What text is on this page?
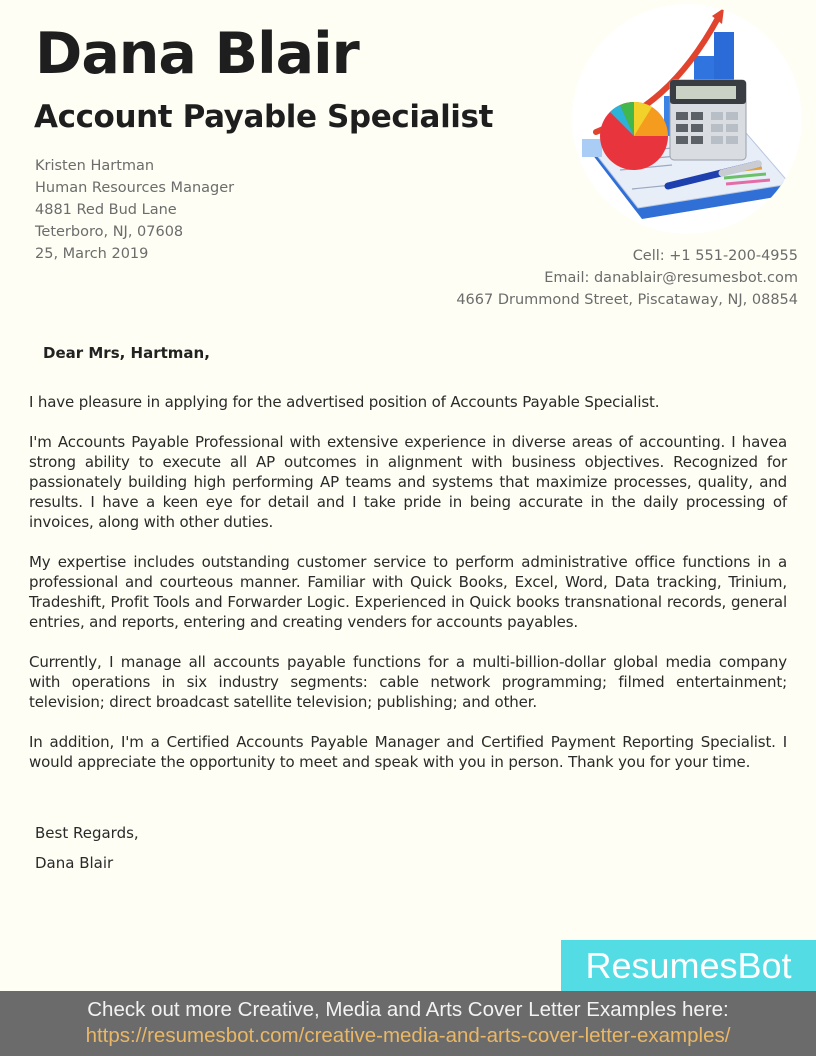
Dana Blair
Account Payable Specialist
Kristen Hartman
Human Resources Manager
4881 Red Bud Lane
Teterboro, NJ, 07608
25, March 2019	Cell: +1 551-200-4955
Email: danablair@resumesbot.com
4667 Drummond Street, Piscataway, NJ, 08854
Dear Mrs, Hartman,

I have pleasure in applying for the advertised position of Accounts Payable Specialist.

I'm Accounts Payable Professional with extensive experience in diverse areas of accounting. I havea strong ability to execute all AP outcomes in alignment with business objectives. Recognized for passionately building high performing AP teams and systems that maximize processes, quality, and results. I have a keen eye for detail and I take pride in being accurate in the daily processing of invoices, along with other duties.

My expertise includes outstanding customer service to perform administrative office functions in a professional and courteous manner. Familiar with Quick Books, Excel, Word, Data tracking, Trinium, Tradeshift, Profit Tools and Forwarder Logic. Experienced in Quick books transnational records, general entries, and reports, entering and creating venders for accounts payables.

Currently, I manage all accounts payable functions for a multi-billion-dollar global media company with operations in six industry segments: cable network programming; filmed entertainment; television; direct broadcast satellite television; publishing; and other.

In addition, I'm a Certified Accounts Payable Manager and Certified Payment Reporting Specialist. I would appreciate the opportunity to meet and speak with you in person. Thank you for your time.

Best Regards,
Dana Blair
ResumesBot
Check out more Creative, Media and Arts Cover Letter Examples here:
https://resumesbot.com/creative-media-and-arts-cover-letter-examples/
